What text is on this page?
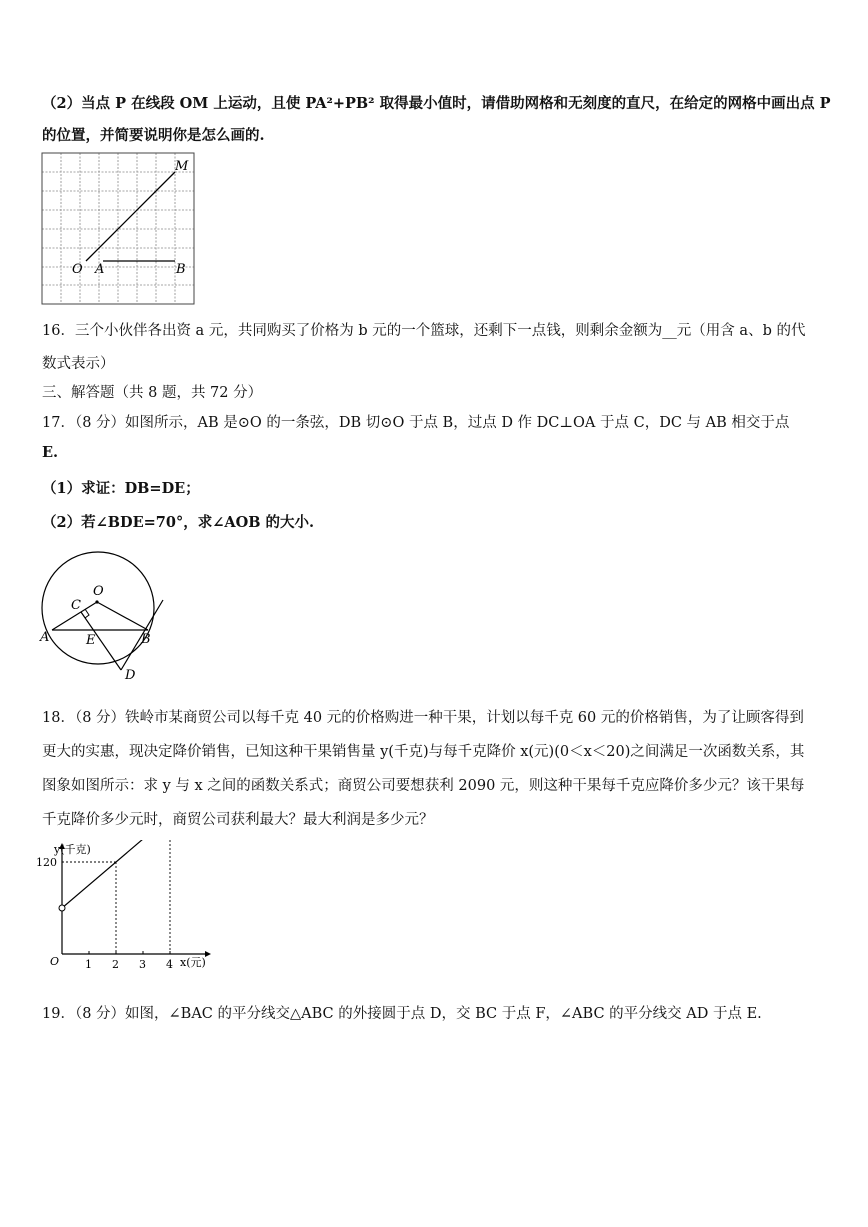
（2）当点 P 在线段 OM 上运动，且使 PA²+PB² 取得最小值时，请借助网格和无刻度的直尺，在给定的网格中画出点 P
的位置，并简要说明你是怎么画的.
M
O A	B
16．三个小伙伴各出资 a 元，共同购买了价格为 b 元的一个篮球，还剩下一点钱，则剩余金额为__元（用含 a、b 的代
数式表示）
三、解答题（共 8 题，共 72 分）
17．（8 分）如图所示，AB 是⊙O 的一条弦，DB 切⊙O 于点 B，过点 D 作 DC⊥OA 于点 C，DC 与 AB 相交于点
E.
（1）求证：DB=DE；
（2）若∠BDE=70°，求∠AOB 的大小.
O
C
A	E	B
D
18．（8 分）铁岭市某商贸公司以每千克 40 元的价格购进一种干果，计划以每千克 60 元的价格销售，为了让顾客得到
更大的实惠，现决定降价销售，已知这种干果销售量 y(千克)与每千克降价 x(元)(0＜x＜20)之间满足一次函数关系，其
图象如图所示：求 y 与 x 之间的函数关系式；商贸公司要想获利 2090 元，则这种干果每千克应降价多少元？该干果每
千克降价多少元时，商贸公司获利最大？最大利润是多少元？
1 2 3 4
120
y(千克)
x(元)
O
19．（8 分）如图，∠BAC 的平分线交△ABC 的外接圆于点 D，交 BC 于点 F，∠ABC 的平分线交 AD 于点 E.
